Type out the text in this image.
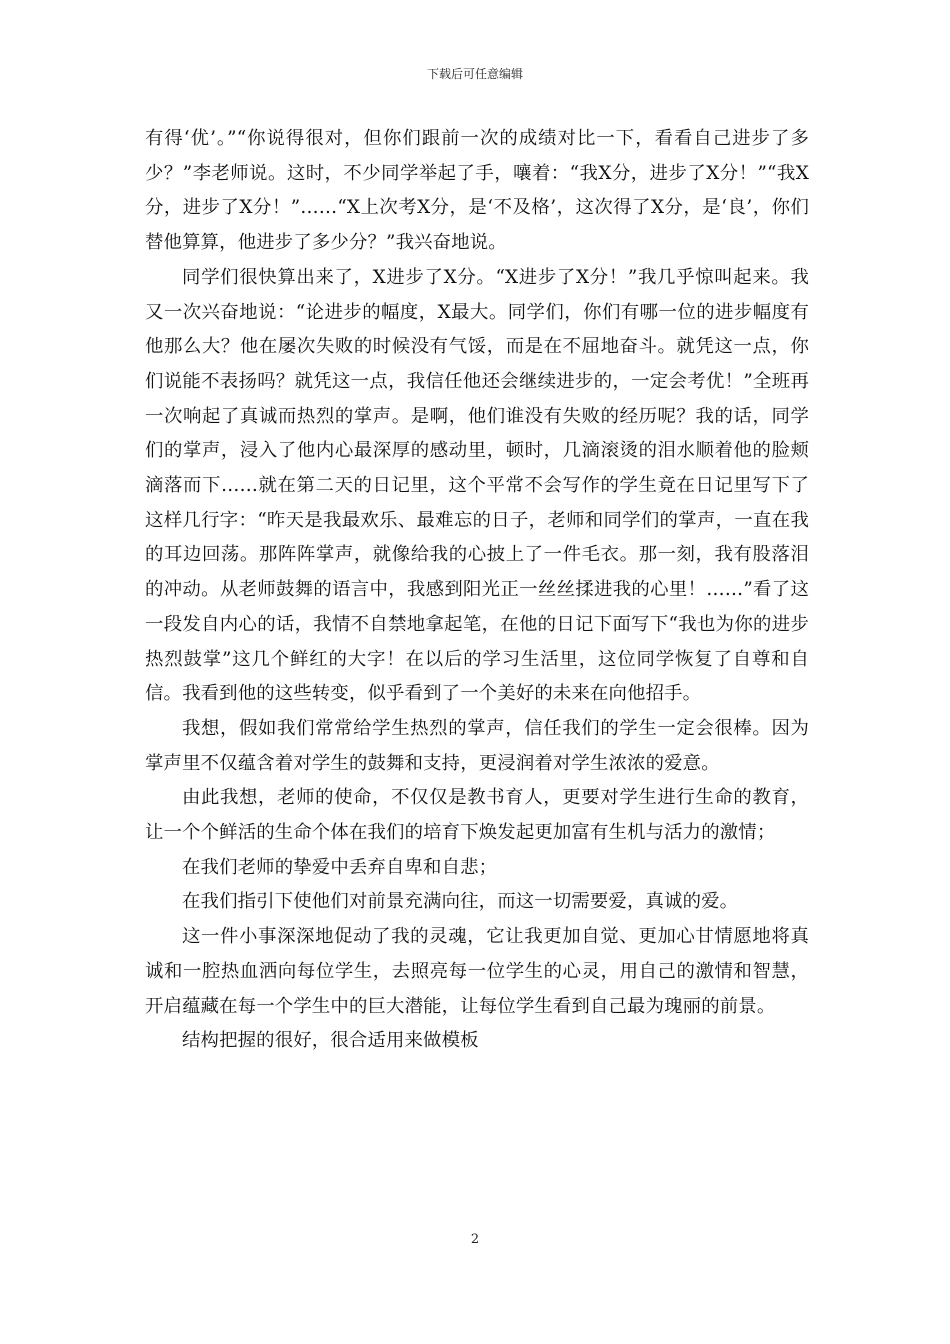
下载后可任意编辑

有得‘优’。”“你说得很对，但你们跟前一次的成绩对比一下，看看自己进步了多少？”李老师说。这时，不少同学举起了手，嚷着：“我X分，进步了X分！”“我X分，进步了X分！”……“X上次考X分，是‘不及格’，这次得了X分，是‘良’，你们替他算算，他进步了多少分？”我兴奋地说。

同学们很快算出来了，X进步了X分。“X进步了X分！”我几乎惊叫起来。我又一次兴奋地说：“论进步的幅度，X最大。同学们，你们有哪一位的进步幅度有他那么大？他在屡次失败的时候没有气馁，而是在不屈地奋斗。就凭这一点，你们说能不表扬吗？就凭这一点，我信任他还会继续进步的，一定会考优！”全班再一次响起了真诚而热烈的掌声。是啊，他们谁没有失败的经历呢？我的话，同学们的掌声，浸入了他内心最深厚的感动里，顿时，几滴滚烫的泪水顺着他的脸颊滴落而下……就在第二天的日记里，这个平常不会写作的学生竟在日记里写下了这样几行字：“昨天是我最欢乐、最难忘的日子，老师和同学们的掌声，一直在我的耳边回荡。那阵阵掌声，就像给我的心披上了一件毛衣。那一刻，我有股落泪的冲动。从老师鼓舞的语言中，我感到阳光正一丝丝揉进我的心里！……”看了这一段发自内心的话，我情不自禁地拿起笔，在他的日记下面写下“我也为你的进步热烈鼓掌”这几个鲜红的大字！在以后的学习生活里，这位同学恢复了自尊和自信。我看到他的这些转变，似乎看到了一个美好的未来在向他招手。

我想，假如我们常常给学生热烈的掌声，信任我们的学生一定会很棒。因为掌声里不仅蕴含着对学生的鼓舞和支持，更浸润着对学生浓浓的爱意。

由此我想，老师的使命，不仅仅是教书育人，更要对学生进行生命的教育，让一个个鲜活的生命个体在我们的培育下焕发起更加富有生机与活力的激情；

在我们老师的挚爱中丢弃自卑和自悲；

在我们指引下使他们对前景充满向往，而这一切需要爱，真诚的爱。

这一件小事深深地促动了我的灵魂，它让我更加自觉、更加心甘情愿地将真诚和一腔热血洒向每位学生，去照亮每一位学生的心灵，用自己的激情和智慧，开启蕴藏在每一个学生中的巨大潜能，让每位学生看到自己最为瑰丽的前景。

结构把握的很好，很合适用来做模板

2
